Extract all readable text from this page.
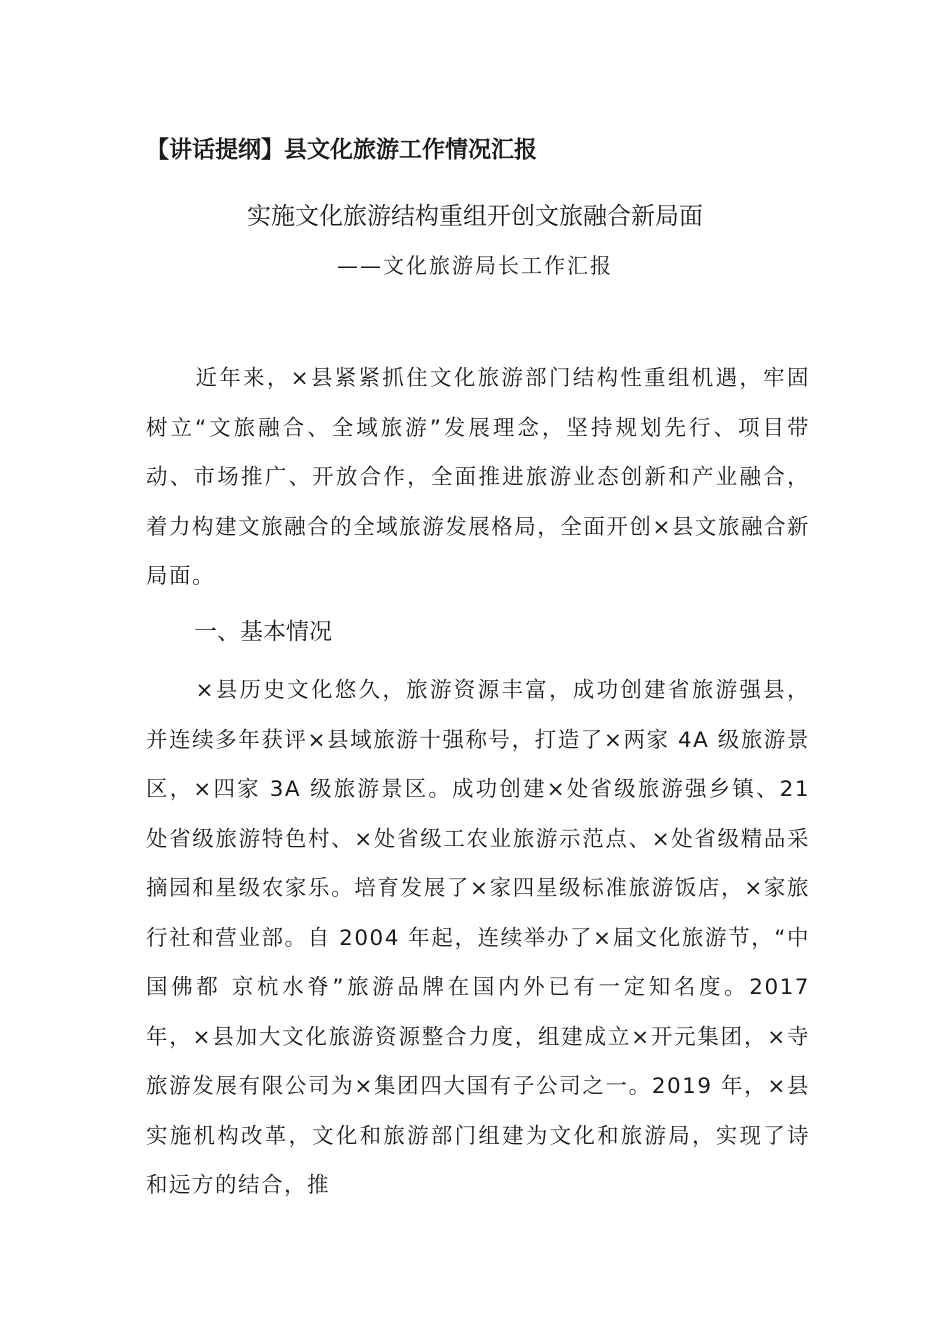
【讲话提纲】县文化旅游工作情况汇报
实施文化旅游结构重组开创文旅融合新局面
——文化旅游局长工作汇报

近年来，×县紧紧抓住文化旅游部门结构性重组机遇，牢固树立“文旅融合、全域旅游”发展理念，坚持规划先行、项目带动、市场推广、开放合作，全面推进旅游业态创新和产业融合，着力构建文旅融合的全域旅游发展格局，全面开创×县文旅融合新局面。

一、基本情况

×县历史文化悠久，旅游资源丰富，成功创建省旅游强县，并连续多年获评×县域旅游十强称号，打造了×两家 4A 级旅游景区，×四家 3A 级旅游景区。成功创建×处省级旅游强乡镇、21 处省级旅游特色村、×处省级工农业旅游示范点、×处省级精品采摘园和星级农家乐。培育发展了×家四星级标准旅游饭店，×家旅行社和营业部。自 2004 年起，连续举办了×届文化旅游节，“中国佛都 京杭水脊”旅游品牌在国内外已有一定知名度。2017 年，×县加大文化旅游资源整合力度，组建成立×开元集团，×寺旅游发展有限公司为×集团四大国有子公司之一。2019 年，×县实施机构改革，文化和旅游部门组建为文化和旅游局，实现了诗和远方的结合，推
